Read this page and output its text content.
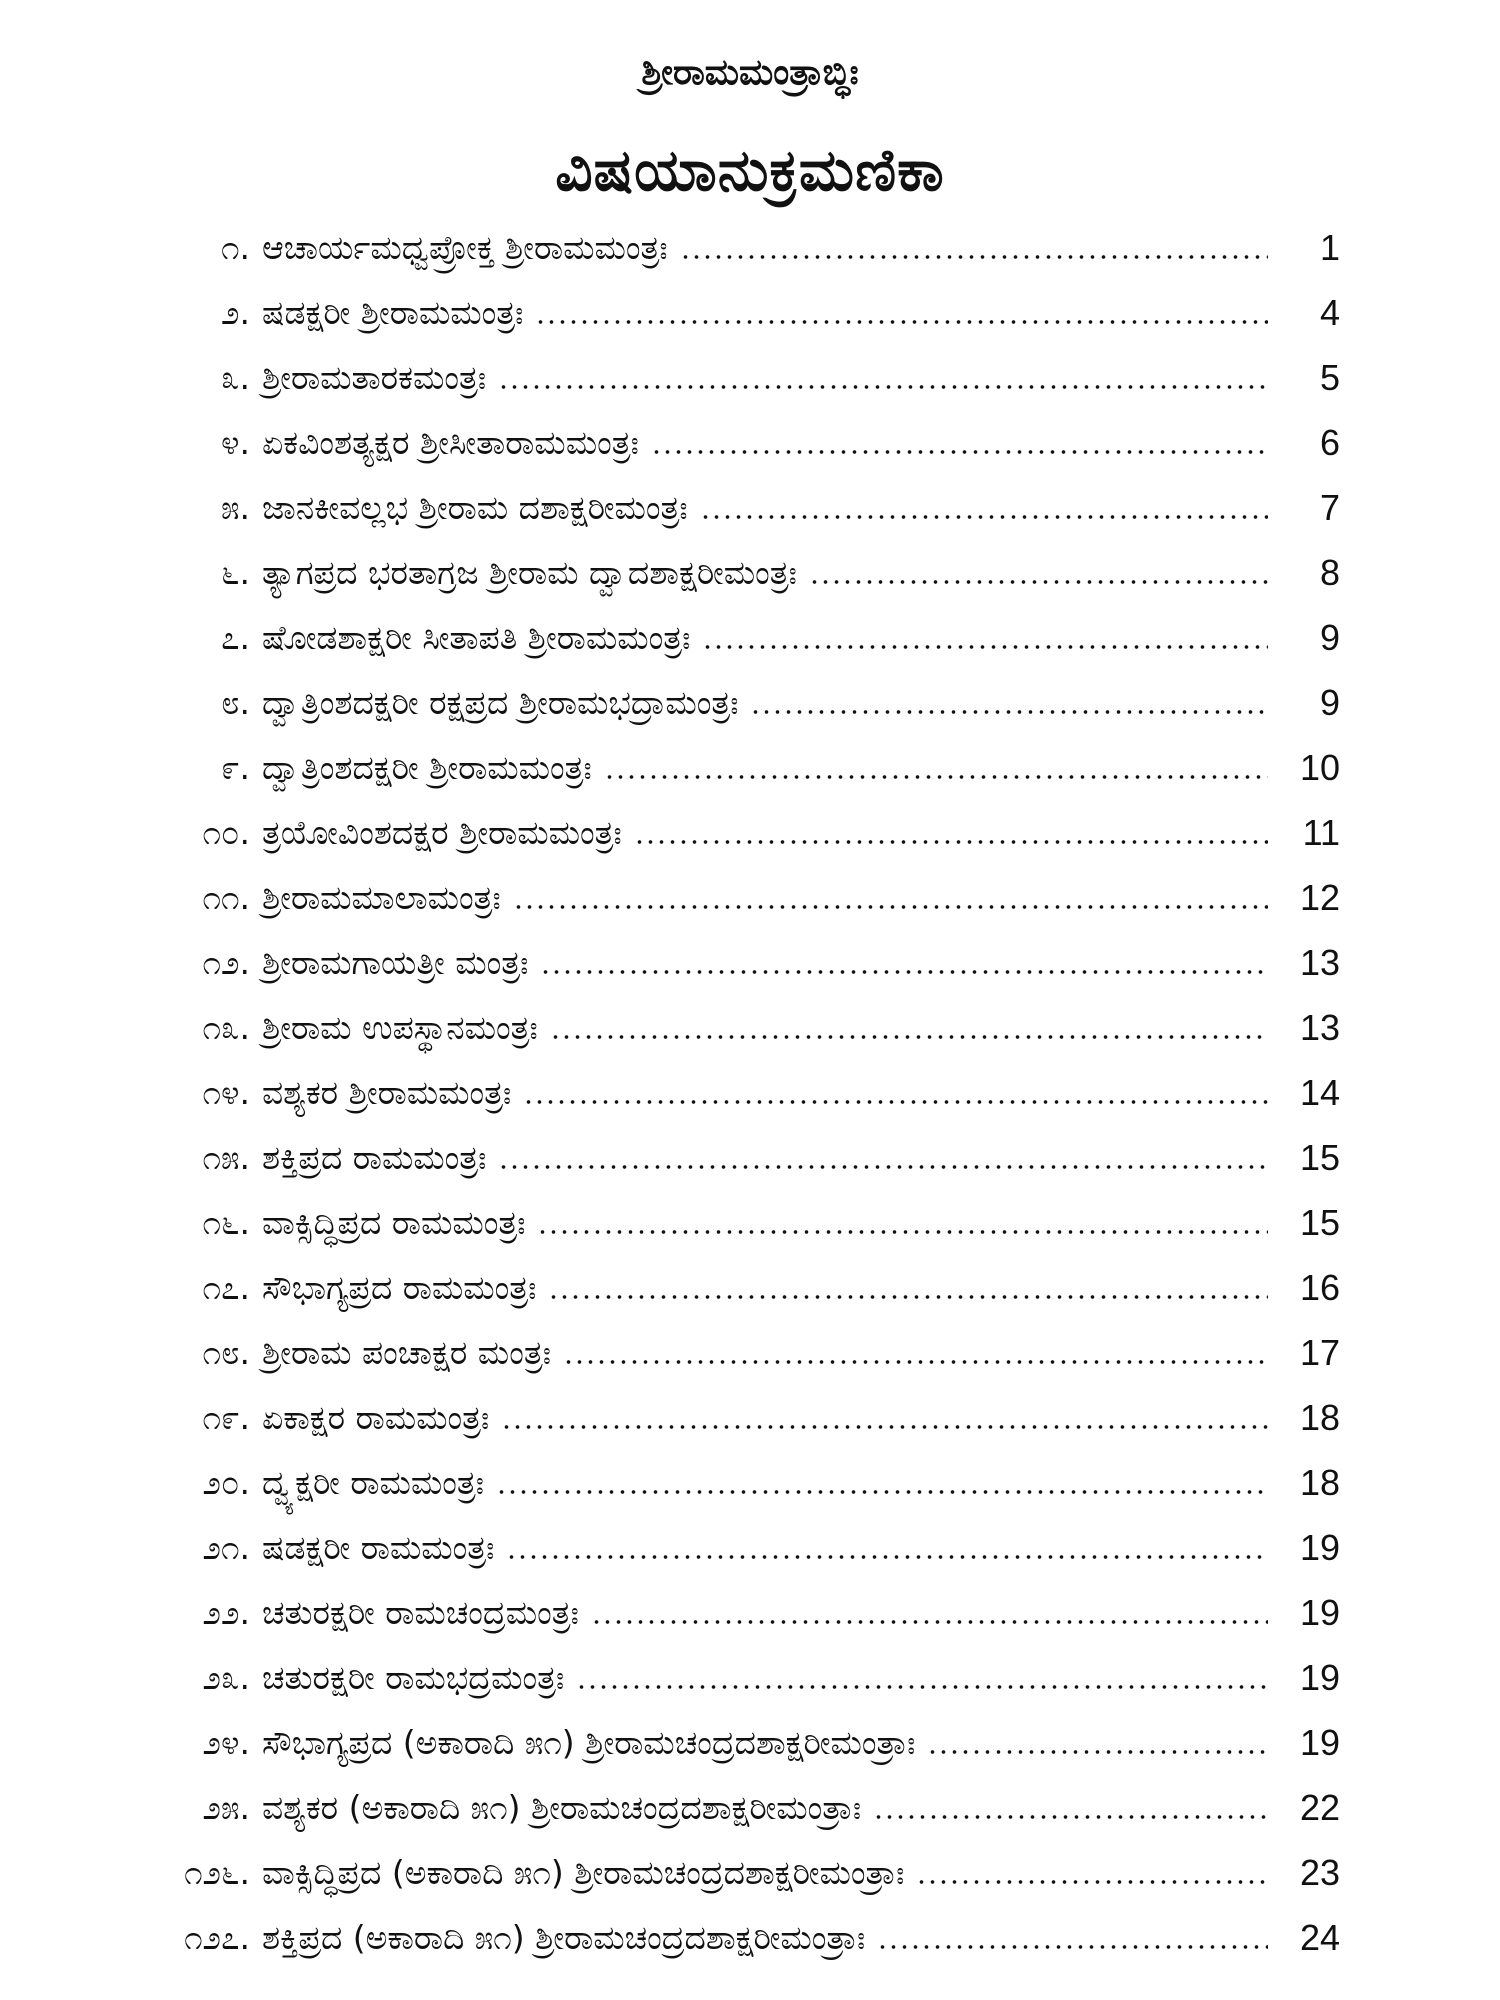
ಶ್ರೀರಾಮಮಂತ್ರಾಬ್ಧಿಃ
ವಿಷಯಾನುಕ್ರಮಣಿಕಾ
೧. ಆಚಾರ್ಯಮಧ್ವಪ್ರೋಕ್ತ ಶ್ರೀರಾಮಮಂತ್ರಃ	1
೨. ಷಡಕ್ಷರೀ ಶ್ರೀರಾಮಮಂತ್ರಃ	4
೩. ಶ್ರೀರಾಮತಾರಕಮಂತ್ರಃ	5
೪. ಏಕವಿಂಶತ್ಯಕ್ಷರ ಶ್ರೀಸೀತಾರಾಮಮಂತ್ರಃ	6
೫. ಜಾನಕೀವಲ್ಲಭ ಶ್ರೀರಾಮ ದಶಾಕ್ಷರೀಮಂತ್ರಃ	7
೬. ತ್ಯಾಗಪ್ರದ ಭರತಾಗ್ರಜ ಶ್ರೀರಾಮ ದ್ವಾದಶಾಕ್ಷರೀಮಂತ್ರಃ	8
೭. ಷೋಡಶಾಕ್ಷರೀ ಸೀತಾಪತಿ ಶ್ರೀರಾಮಮಂತ್ರಃ	9
೮. ದ್ವಾತ್ರಿಂಶದಕ್ಷರೀ ರಕ್ಷಪ್ರದ ಶ್ರೀರಾಮಭದ್ರಾಮಂತ್ರಃ	9
೯. ದ್ವಾತ್ರಿಂಶದಕ್ಷರೀ ಶ್ರೀರಾಮಮಂತ್ರಃ	10
೧೦. ತ್ರಯೋವಿಂಶದಕ್ಷರ ಶ್ರೀರಾಮಮಂತ್ರಃ	11
೧೧. ಶ್ರೀರಾಮಮಾಲಾಮಂತ್ರಃ	12
೧೨. ಶ್ರೀರಾಮಗಾಯತ್ರೀ ಮಂತ್ರಃ	13
೧೩. ಶ್ರೀರಾಮ ಉಪಸ್ಥಾನಮಂತ್ರಃ	13
೧೪. ವಶ್ಯಕರ ಶ್ರೀರಾಮಮಂತ್ರಃ	14
೧೫. ಶಕ್ತಿಪ್ರದ ರಾಮಮಂತ್ರಃ	15
೧೬. ವಾಕ್ಸಿದ್ಧಿಪ್ರದ ರಾಮಮಂತ್ರಃ	15
೧೭. ಸೌಭಾಗ್ಯಪ್ರದ ರಾಮಮಂತ್ರಃ	16
೧೮. ಶ್ರೀರಾಮ ಪಂಚಾಕ್ಷರ ಮಂತ್ರಃ	17
೧೯. ಏಕಾಕ್ಷರ ರಾಮಮಂತ್ರಃ	18
೨೦. ದ್ವ್ಯಕ್ಷರೀ ರಾಮಮಂತ್ರಃ	18
೨೧. ಷಡಕ್ಷರೀ ರಾಮಮಂತ್ರಃ	19
೨೨. ಚತುರಕ್ಷರೀ ರಾಮಚಂದ್ರಮಂತ್ರಃ	19
೨೩. ಚತುರಕ್ಷರೀ ರಾಮಭದ್ರಮಂತ್ರಃ	19
೨೪. ಸೌಭಾಗ್ಯಪ್ರದ (ಅಕಾರಾದಿ ೫೧) ಶ್ರೀರಾಮಚಂದ್ರದಶಾಕ್ಷರೀಮಂತ್ರಾಃ	19
೨೫. ವಶ್ಯಕರ (ಅಕಾರಾದಿ ೫೧) ಶ್ರೀರಾಮಚಂದ್ರದಶಾಕ್ಷರೀಮಂತ್ರಾಃ	22
೧೨೬. ವಾಕ್ಸಿದ್ಧಿಪ್ರದ (ಅಕಾರಾದಿ ೫೧) ಶ್ರೀರಾಮಚಂದ್ರದಶಾಕ್ಷರೀಮಂತ್ರಾಃ	23
೧೨೭. ಶಕ್ತಿಪ್ರದ (ಅಕಾರಾದಿ ೫೧) ಶ್ರೀರಾಮಚಂದ್ರದಶಾಕ್ಷರೀಮಂತ್ರಾಃ	24
